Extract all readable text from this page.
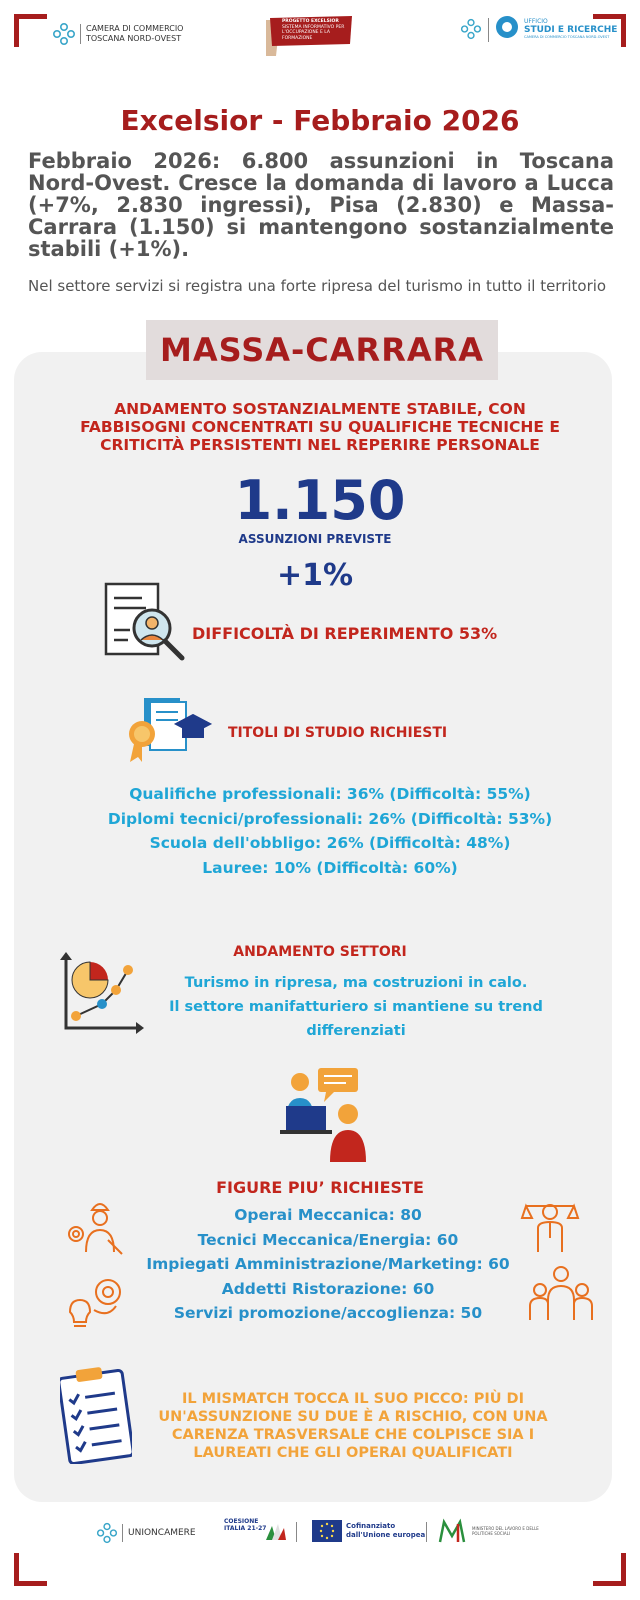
CAMERA DI COMMERCIO
TOSCANA NORD-OVEST
PROGETTO EXCELSIOR
SISTEMA INFORMATIVO PER L'OCCUPAZIONE E LA FORMAZIONE
UFFICIO
STUDI E RICERCHE
CAMERA DI COMMERCIO TOSCANA NORD-OVEST
Excelsior - Febbraio 2026
Febbraio 2026: 6.800 assunzioni in Toscana Nord-Ovest. Cresce la domanda di lavoro a Lucca (+7%, 2.830 ingressi), Pisa (2.830) e Massa-Carrara (1.150) si mantengono sostanzialmente stabili (+1%).
Nel settore servizi si registra una forte ripresa del turismo in tutto il territorio
MASSA-CARRARA
ANDAMENTO SOSTANZIALMENTE STABILE, CON
FABBISOGNI CONCENTRATI SU QUALIFICHE TECNICHE E
CRITICITÀ PERSISTENTI NEL REPERIRE PERSONALE
1.150
ASSUNZIONI PREVISTE
+1%
DIFFICOLTÀ DI REPERIMENTO 53%
TITOLI DI STUDIO RICHIESTI
Qualifiche professionali: 36% (Difficoltà: 55%)
Diplomi tecnici/professionali: 26% (Difficoltà: 53%)
Scuola dell'obbligo: 26% (Difficoltà: 48%)
Lauree: 10% (Difficoltà: 60%)
ANDAMENTO SETTORI
Turismo in ripresa, ma costruzioni in calo.
Il settore manifatturiero si mantiene su trend
differenziati
FIGURE PIU’ RICHIESTE
Operai Meccanica: 80
Tecnici Meccanica/Energia: 60
Impiegati Amministrazione/Marketing: 60
Addetti Ristorazione: 60
Servizi promozione/accoglienza: 50
IL MISMATCH TOCCA IL SUO PICCO: PIÙ DI
UN'ASSUNZIONE SU DUE È A RISCHIO, CON UNA
CARENZA TRASVERSALE CHE COLPISCE SIA I
LAUREATI CHE GLI OPERAI QUALIFICATI
UNIONCAMERE
COESIONE
ITALIA 21-27	Cofinanziato
dall'Unione europea
MINISTERO DEL LAVORO E DELLE POLITICHE SOCIALI
